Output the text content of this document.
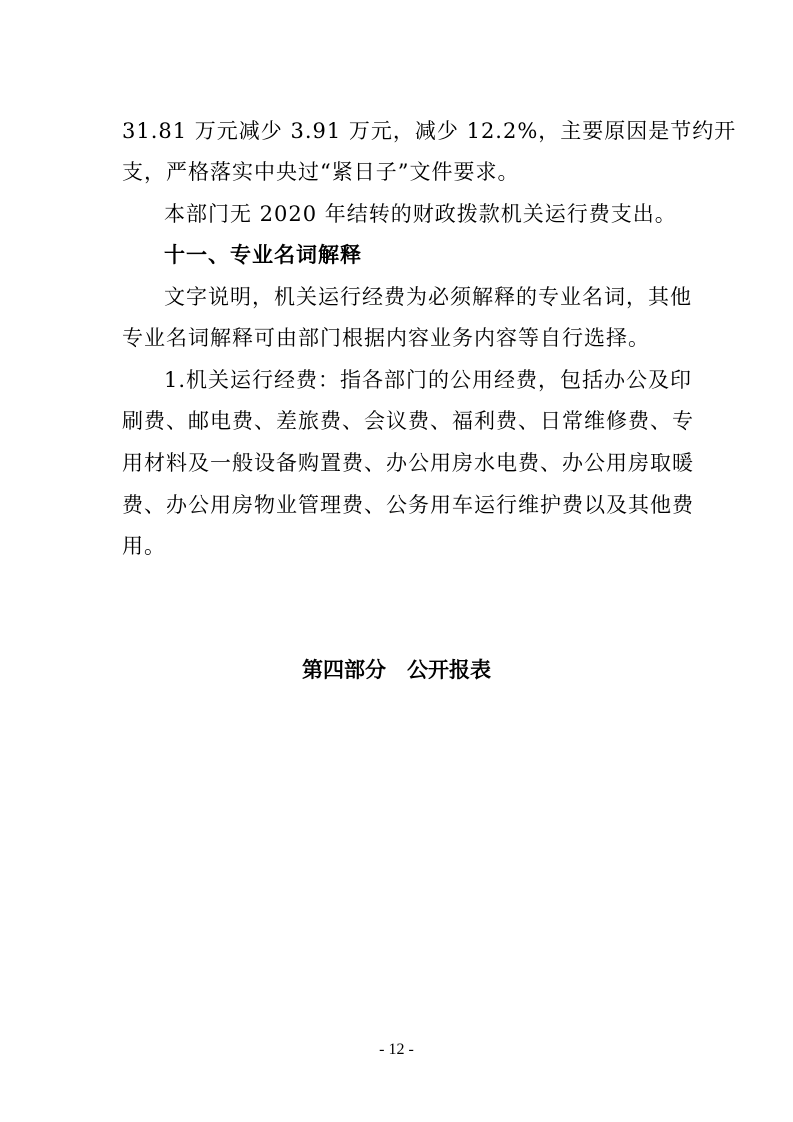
31.81 万元减少 3.91 万元，减少 12.2%，主要原因是节约开
支，严格落实中央过“紧日子”文件要求。
本部门无 2020 年结转的财政拨款机关运行费支出。
十一、专业名词解释
文字说明，机关运行经费为必须解释的专业名词，其他
专业名词解释可由部门根据内容业务内容等自行选择。
1.机关运行经费：指各部门的公用经费，包括办公及印
刷费、邮电费、差旅费、会议费、福利费、日常维修费、专
用材料及一般设备购置费、办公用房水电费、办公用房取暖
费、办公用房物业管理费、公务用车运行维护费以及其他费
用。
第四部分　公开报表
- 12 -
